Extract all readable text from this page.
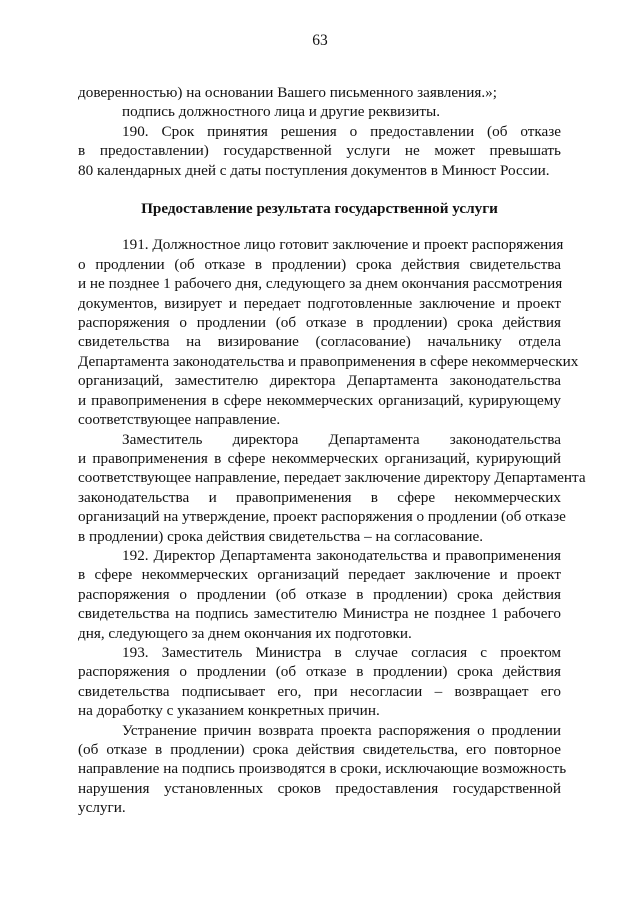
63
доверенностью) на основании Вашего письменного заявления.»;
подпись должностного лица и другие реквизиты.
190. Срок принятия решения о предоставлении (об отказе
в предоставлении) государственной услуги не может превышать
80 календарных дней с даты поступления документов в Минюст России.
Предоставление результата государственной услуги
191. Должностное лицо готовит заключение и проект распоряжения
о продлении (об отказе в продлении) срока действия свидетельства
и не позднее 1 рабочего дня, следующего за днем окончания рассмотрения
документов, визирует и передает подготовленные заключение и проект
распоряжения о продлении (об отказе в продлении) срока действия
свидетельства на визирование (согласование) начальнику отдела
Департамента законодательства и правоприменения в сфере некоммерческих
организаций, заместителю директора Департамента законодательства
и правоприменения в сфере некоммерческих организаций, курирующему
соответствующее направление.
Заместитель директора Департамента законодательства
и правоприменения в сфере некоммерческих организаций, курирующий
соответствующее направление, передает заключение директору Департамента
законодательства и правоприменения в сфере некоммерческих
организаций на утверждение, проект распоряжения о продлении (об отказе
в продлении) срока действия свидетельства – на согласование.
192. Директор Департамента законодательства и правоприменения
в сфере некоммерческих организаций передает заключение и проект
распоряжения о продлении (об отказе в продлении) срока действия
свидетельства на подпись заместителю Министра не позднее 1 рабочего
дня, следующего за днем окончания их подготовки.
193. Заместитель Министра в случае согласия с проектом
распоряжения о продлении (об отказе в продлении) срока действия
свидетельства подписывает его, при несогласии – возвращает его
на доработку с указанием конкретных причин.
Устранение причин возврата проекта распоряжения о продлении
(об отказе в продлении) срока действия свидетельства, его повторное
направление на подпись производятся в сроки, исключающие возможность
нарушения установленных сроков предоставления государственной
услуги.
